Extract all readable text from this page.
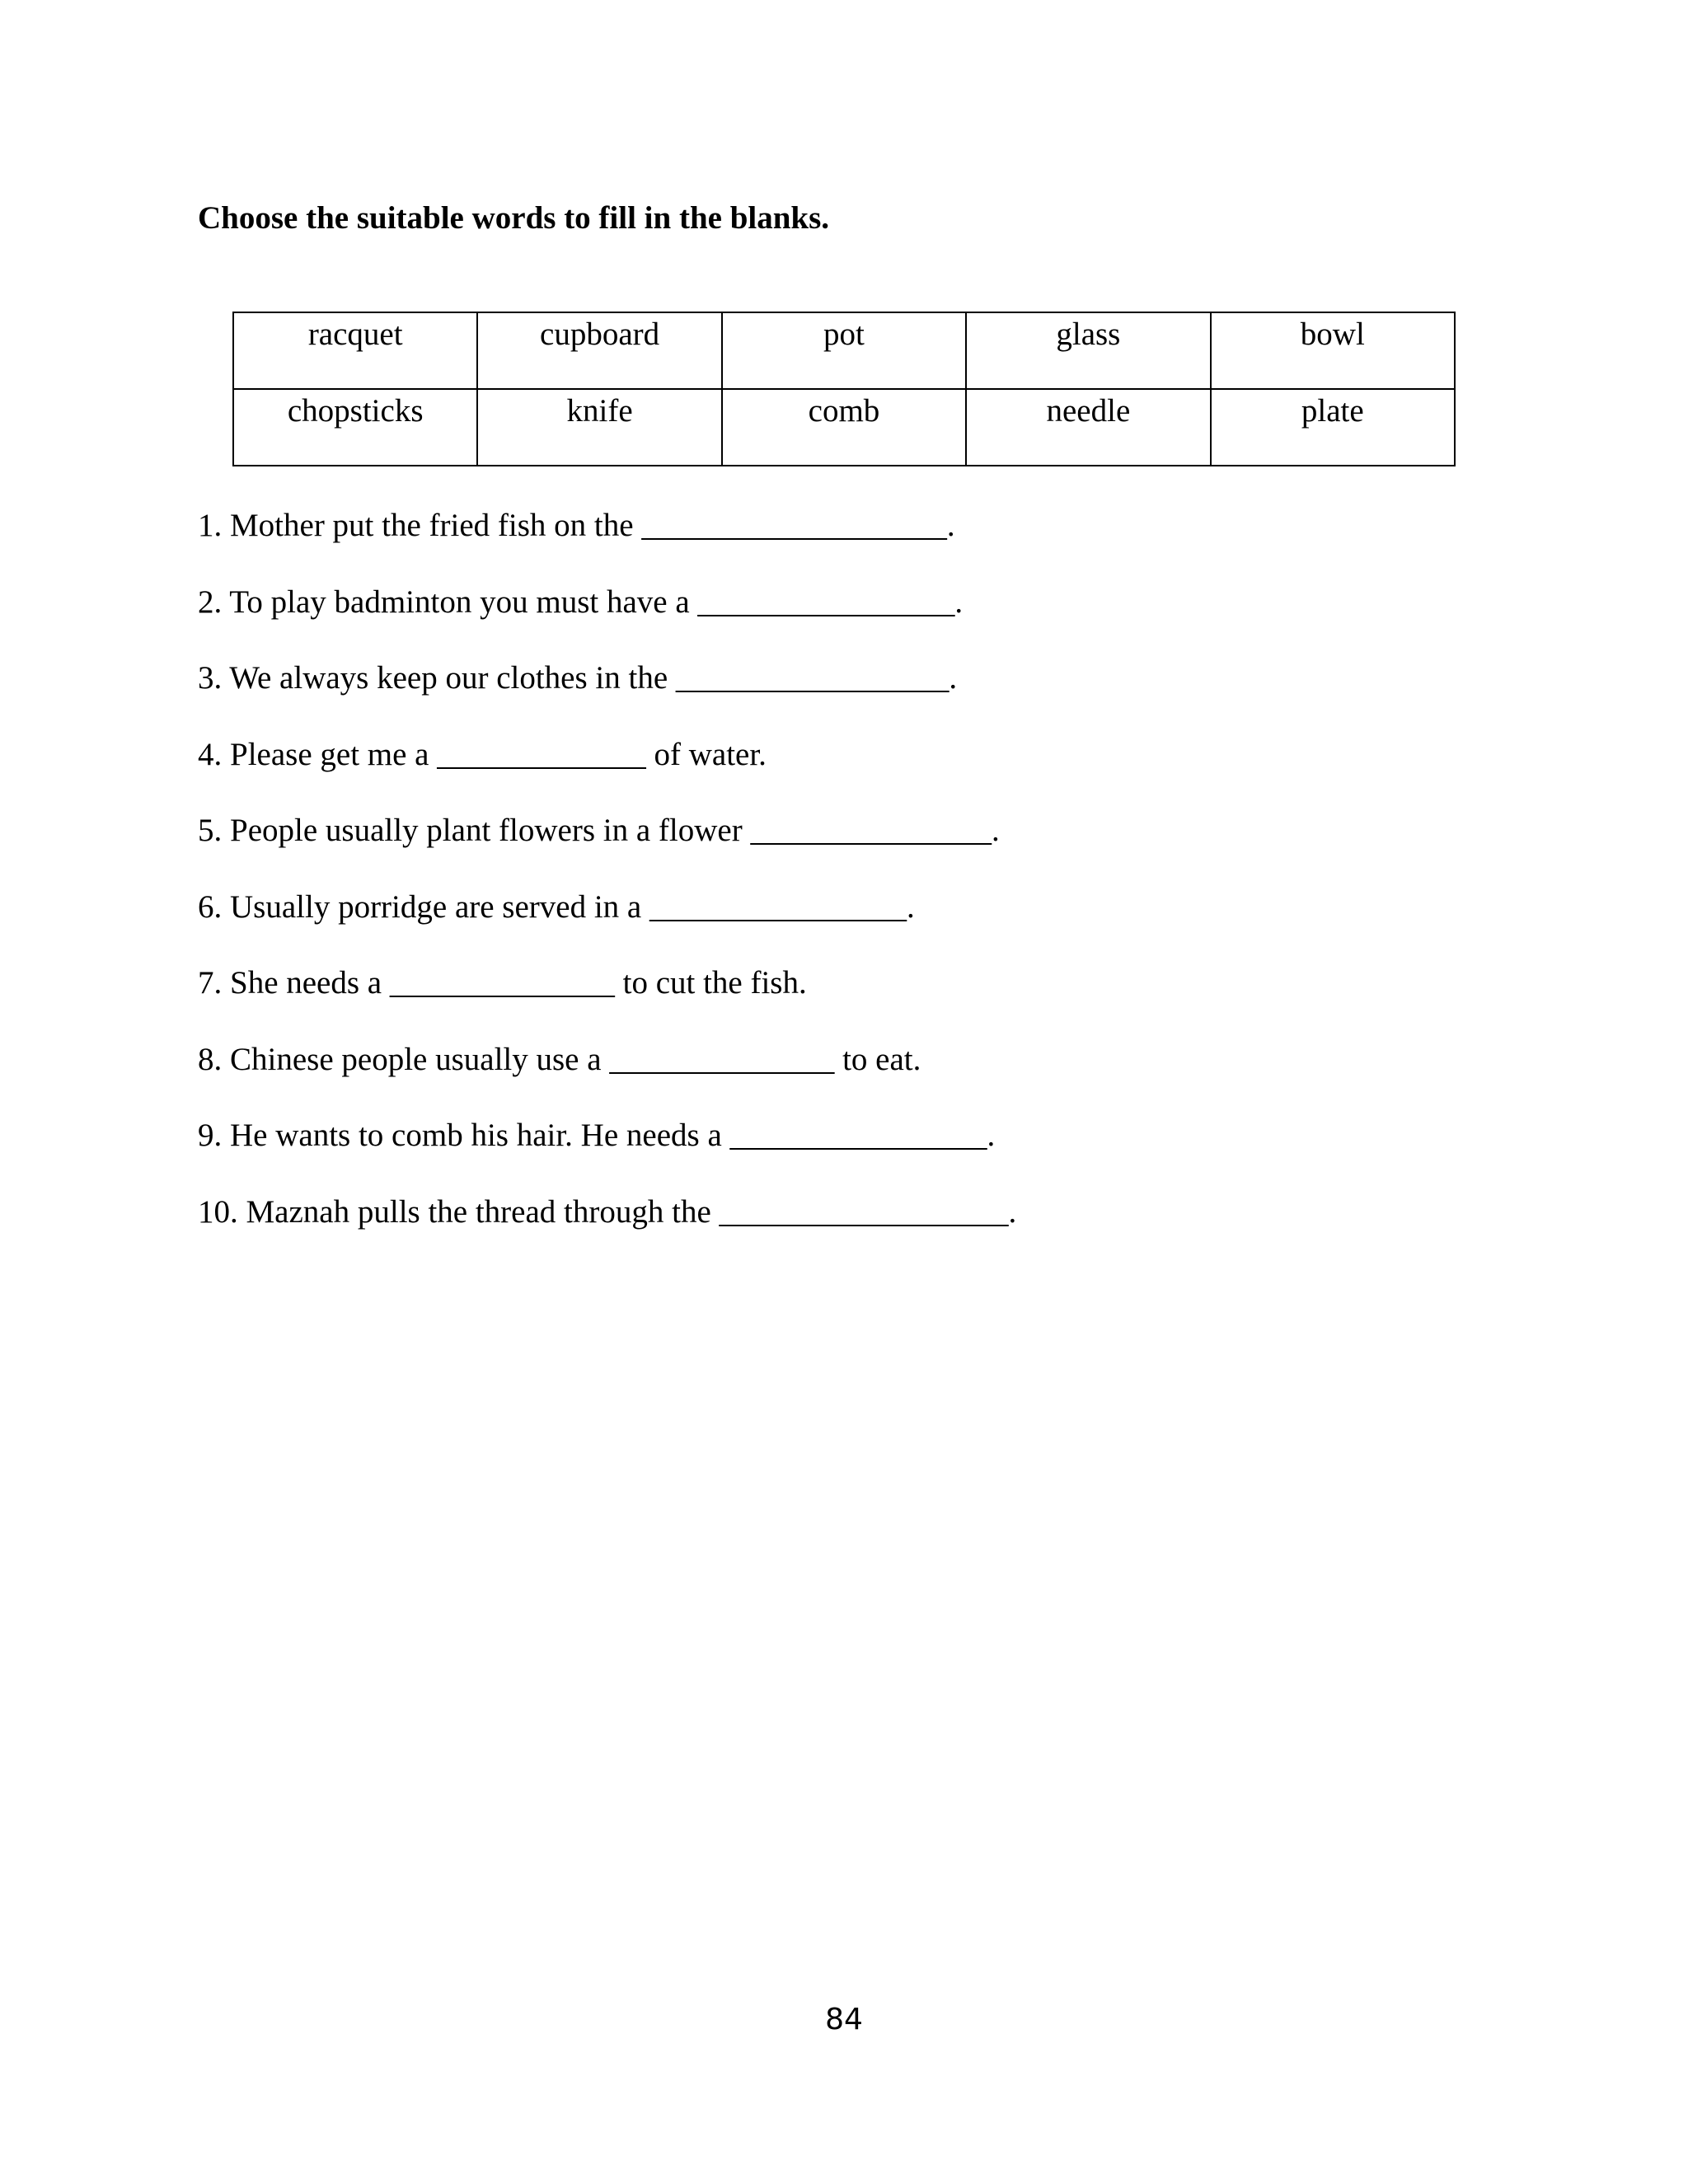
Choose the suitable words to fill in the blanks.
racquet	cupboard	pot	glass	bowl
chopsticks	knife	comb	needle	plate
1. Mother put the fried fish on the ___________________.
2. To play badminton you must have a ________________.
3. We always keep our clothes in the _________________.
4. Please get me a _____________ of water.
5. People usually plant flowers in a flower _______________.
6. Usually porridge are served in a ________________.
7. She needs a ______________ to cut the fish.
8. Chinese people usually use a ______________ to eat.
9. He wants to comb his hair. He needs a ________________.
10. Maznah pulls the thread through the __________________.
84
